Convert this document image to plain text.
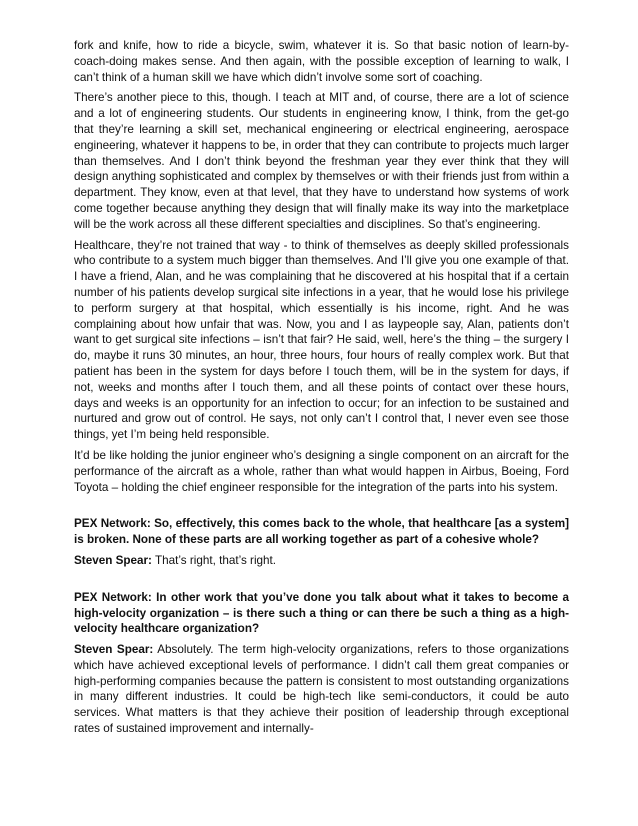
fork and knife, how to ride a bicycle, swim, whatever it is. So that basic notion of learn-by-coach-doing makes sense. And then again, with the possible exception of learning to walk, I can’t think of a human skill we have which didn’t involve some sort of coaching.

There’s another piece to this, though. I teach at MIT and, of course, there are a lot of science and a lot of engineering students. Our students in engineering know, I think, from the get-go that they’re learning a skill set, mechanical engineering or electrical engineering, aerospace engineering, whatever it happens to be, in order that they can contribute to projects much larger than themselves. And I don’t think beyond the freshman year they ever think that they will design anything sophisticated and complex by themselves or with their friends just from within a department. They know, even at that level, that they have to understand how systems of work come together because anything they design that will finally make its way into the marketplace will be the work across all these different specialties and disciplines. So that’s engineering.

Healthcare, they’re not trained that way - to think of themselves as deeply skilled professionals who contribute to a system much bigger than themselves. And I’ll give you one example of that. I have a friend, Alan, and he was complaining that he discovered at his hospital that if a certain number of his patients develop surgical site infections in a year, that he would lose his privilege to perform surgery at that hospital, which essentially is his income, right. And he was complaining about how unfair that was. Now, you and I as laypeople say, Alan, patients don’t want to get surgical site infections – isn’t that fair? He said, well, here’s the thing – the surgery I do, maybe it runs 30 minutes, an hour, three hours, four hours of really complex work. But that patient has been in the system for days before I touch them, will be in the system for days, if not, weeks and months after I touch them, and all these points of contact over these hours, days and weeks is an opportunity for an infection to occur; for an infection to be sustained and nurtured and grow out of control. He says, not only can’t I control that, I never even see those things, yet I’m being held responsible.

It’d be like holding the junior engineer who’s designing a single component on an aircraft for the performance of the aircraft as a whole, rather than what would happen in Airbus, Boeing, Ford Toyota – holding the chief engineer responsible for the integration of the parts into his system.

PEX Network: So, effectively, this comes back to the whole, that healthcare [as a system] is broken. None of these parts are all working together as part of a cohesive whole?

Steven Spear: That’s right, that’s right.

PEX Network: In other work that you’ve done you talk about what it takes to become a high-velocity organization – is there such a thing or can there be such a thing as a high-velocity healthcare organization?

Steven Spear: Absolutely. The term high-velocity organizations, refers to those organizations which have achieved exceptional levels of performance. I didn’t call them great companies or high-performing companies because the pattern is consistent to most outstanding organizations in many different industries. It could be high-tech like semi-conductors, it could be auto services. What matters is that they achieve their position of leadership through exceptional rates of sustained improvement and internally-
